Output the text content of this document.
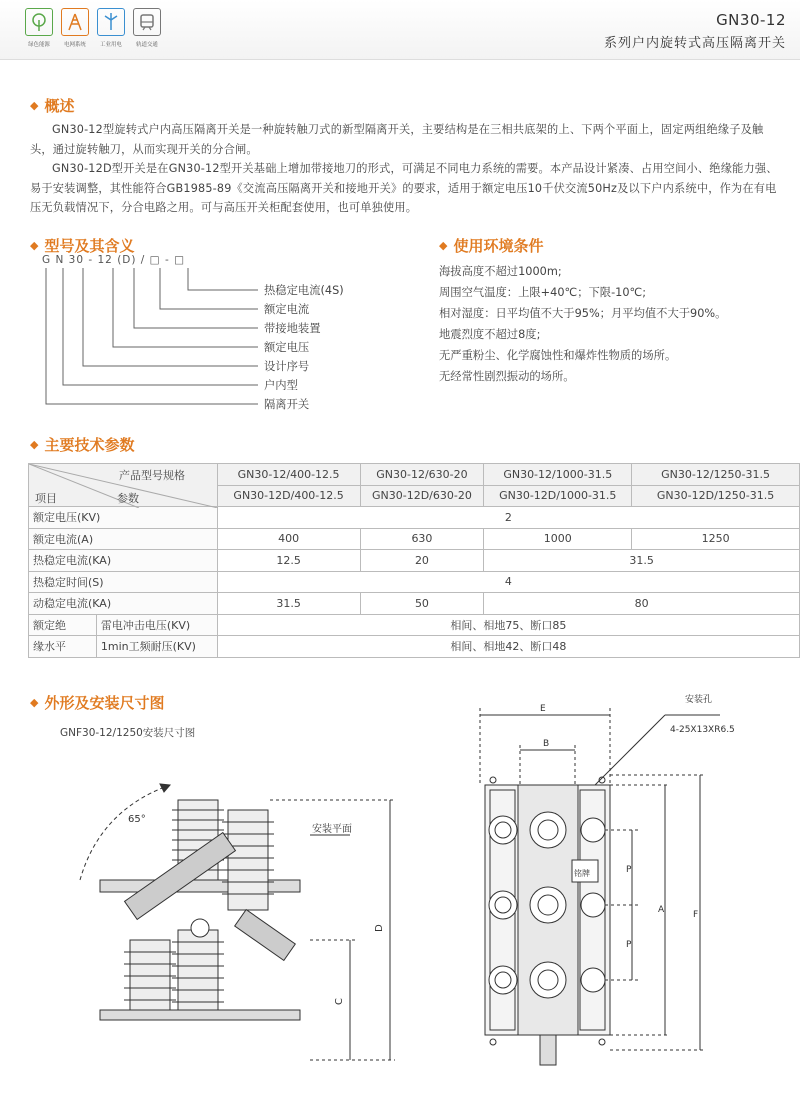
绿色能源	电网系统	工业用电	轨道交通
GN30-12
系列户内旋转式高压隔离开关
◆ 概述
GN30-12型旋转式户内高压隔离开关是一种旋转触刀式的新型隔离开关，主要结构是在三相共底架的上、下两个平面上，固定两组绝缘子及触头，通过旋转触刀，从而实现开关的分合闸。
GN30-12D型开关是在GN30-12型开关基础上增加带接地刀的形式，可满足不同电力系统的需要。本产品设计紧凑、占用空间小、绝缘能力强、易于安装调整，其性能符合GB1985-89《交流高压隔离开关和接地开关》的要求，适用于额定电压10千伏交流50Hz及以下户内系统中，作为在有电压无负载情况下，分合电路之用。可与高压开关柜配套使用，也可单独使用。
◆ 型号及其含义
G N 30 - 12 (D) / □ - □
热稳定电流(4S)
额定电流
带接地装置
额定电压
设计序号
户内型
隔离开关
◆ 使用环境条件
海拔高度不超过1000m;
周围空气温度：上限+40℃；下限-10℃;
相对湿度：日平均值不大于95%；月平均值不大于90%。
地震烈度不超过8度;
无严重粉尘、化学腐蚀性和爆炸性物质的场所。
无经常性剧烈振动的场所。
◆ 主要技术参数
产品型号规格
参数
项目		GN30-12/400-12.5	GN30-12/630-20	GN30-12/1000-31.5	GN30-12/1250-31.5
		GN30-12D/400-12.5	GN30-12D/630-20	GN30-12D/1000-31.5	GN30-12D/1250-31.5
额定电压(KV)		2			
额定电流(A)		400	630	1000	1250
热稳定电流(KA)		12.5	20	31.5	
热稳定时间(S)		4			
动稳定电流(KA)		31.5	50	80	
额定绝	雷电冲击电压(KV)	相间、相地75、断口85			
缘水平	1min工频耐压(KV)	相间、相地42、断口48			
◆ 外形及安装尺寸图
GNF30-12/1250安装尺寸图
65°
安装平面
D
C
E
B
安装孔
4-25X13XR6.5
P
P
A	F
铭牌
